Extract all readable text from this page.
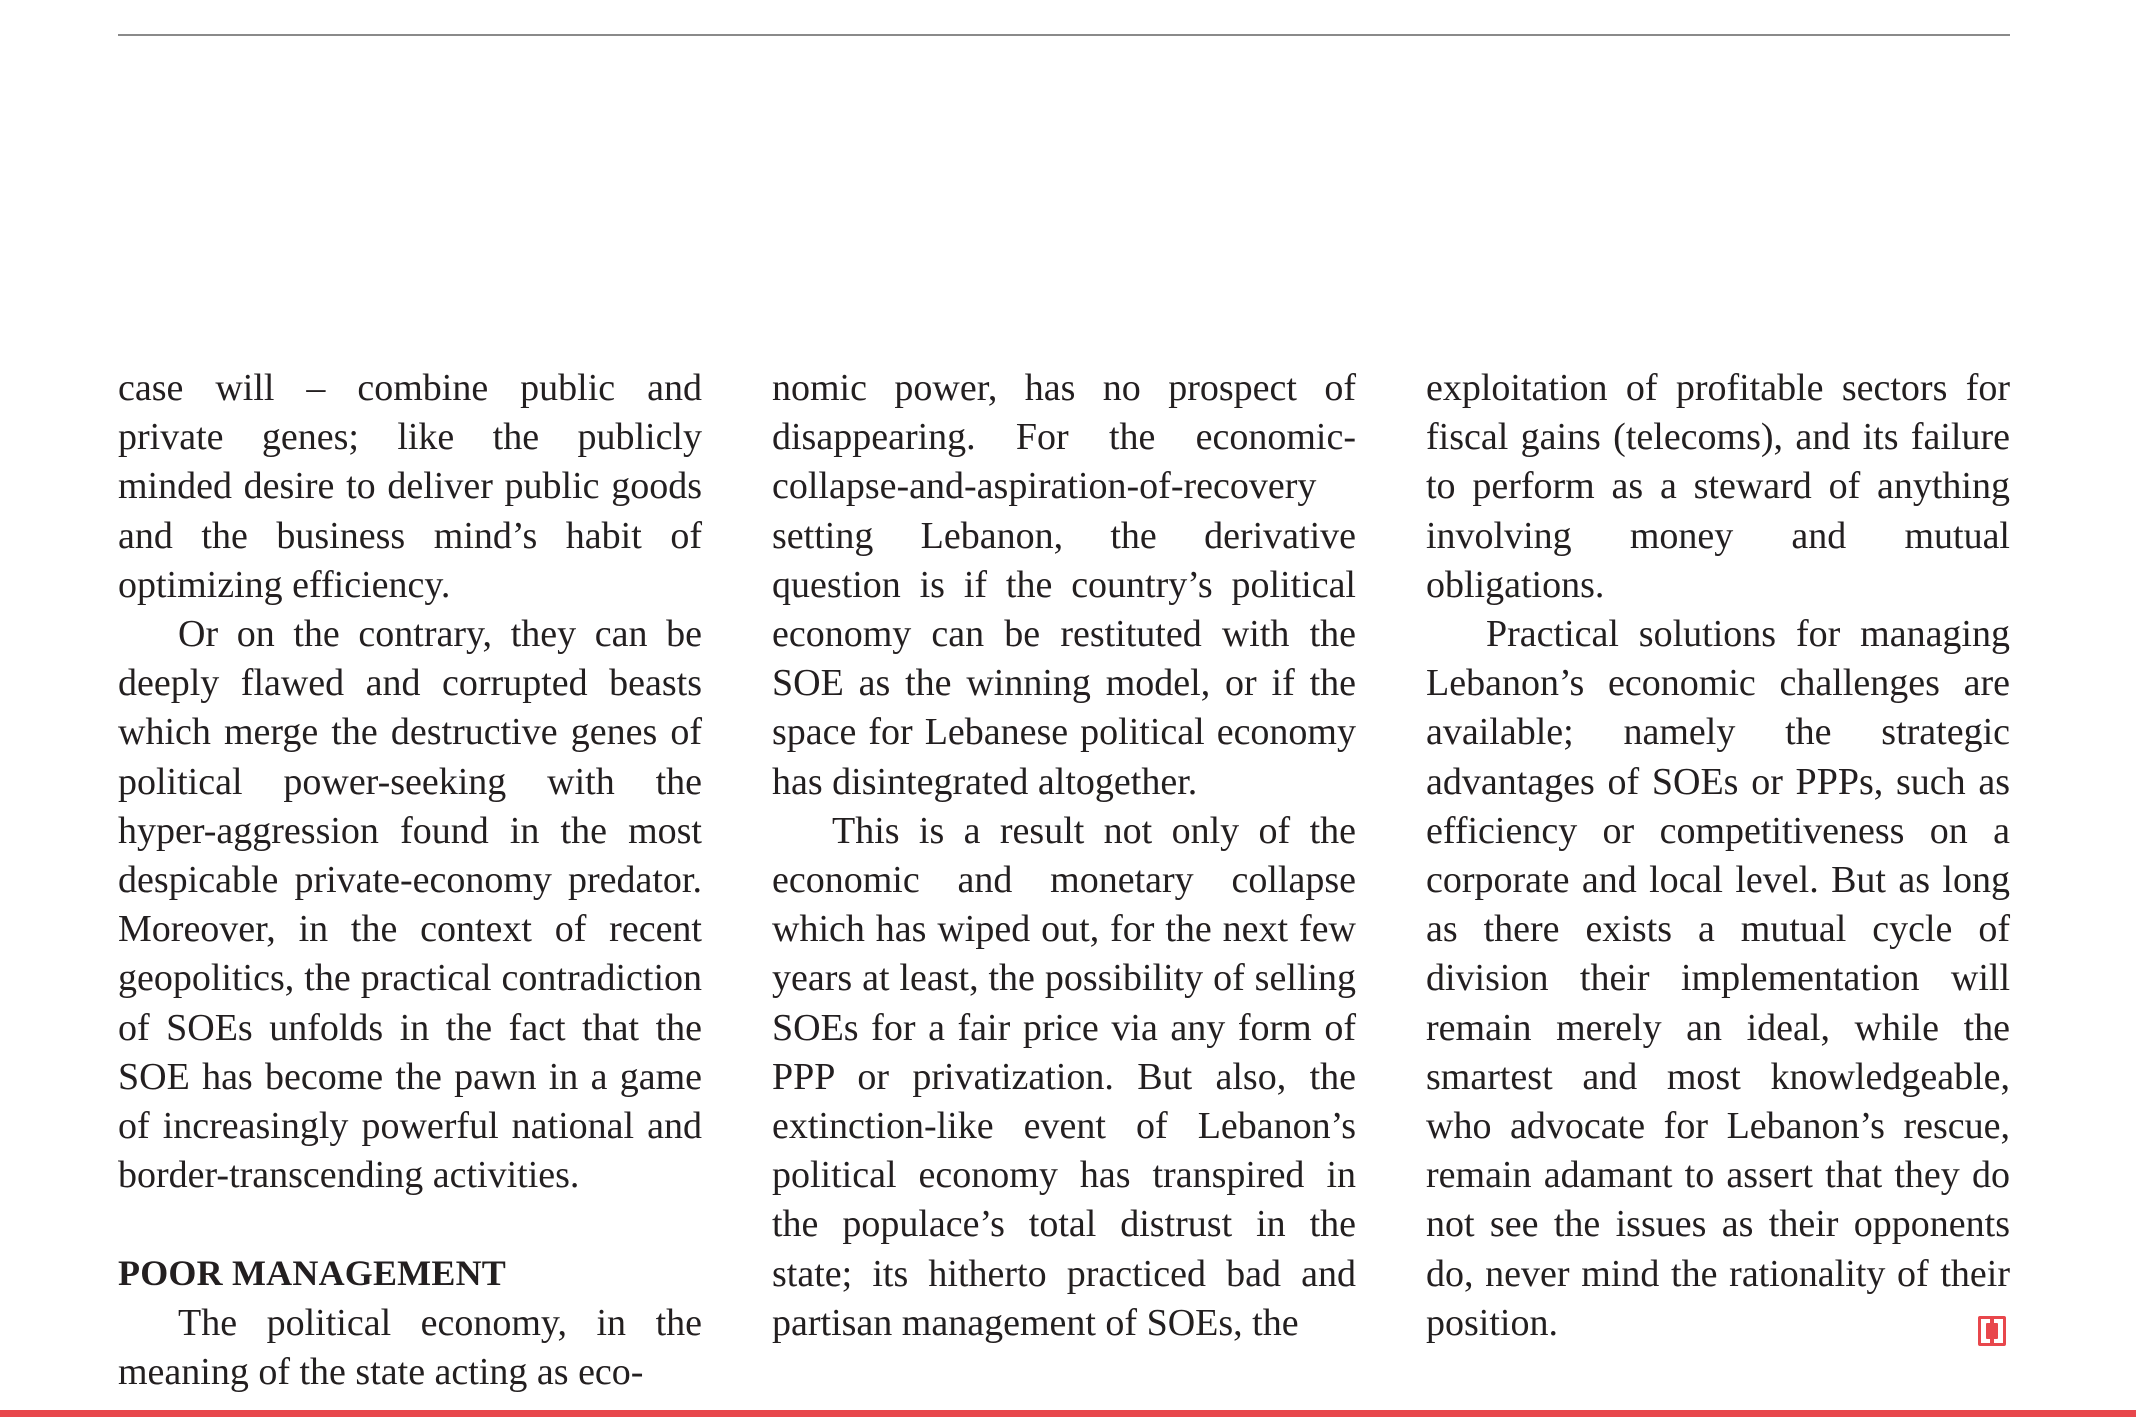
case will – combine public and private genes; like the publicly minded desire to deliver public goods and the business mind’s habit of optimizing efficiency.

Or on the contrary, they can be deeply flawed and corrupted beasts which merge the destructive genes of political power-seeking with the hyper-aggression found in the most despicable private-economy predator. Moreover, in the context of recent geopolitics, the practical contradiction of SOEs unfolds in the fact that the SOE has become the pawn in a game of increasingly powerful national and border-transcending activities.

POOR MANAGEMENT

The political economy, in the meaning of the state acting as eco-

nomic power, has no prospect of disappearing. For the economic-collapse-and-aspiration-of-recovery setting Lebanon, the derivative question is if the country’s political economy can be restituted with the SOE as the winning model, or if the space for Lebanese political economy has disintegrated altogether.

This is a result not only of the economic and monetary collapse which has wiped out, for the next few years at least, the possibility of selling SOEs for a fair price via any form of PPP or privatization. But also, the extinction-like event of Lebanon’s political economy has transpired in the populace’s total distrust in the state; its hitherto practiced bad and partisan management of SOEs, the

exploitation of profitable sectors for fiscal gains (telecoms), and its failure to perform as a steward of anything involving money and mutual obligations.

Practical solutions for managing Lebanon’s economic challenges are available; namely the strategic advantages of SOEs or PPPs, such as efficiency or competitiveness on a corporate and local level. But as long as there exists a mutual cycle of division their implementation will remain merely an ideal, while the smartest and most knowledgeable, who advocate for Lebanon’s rescue, remain adamant to assert that they do not see the issues as their opponents do, never mind the rationality of their position.
